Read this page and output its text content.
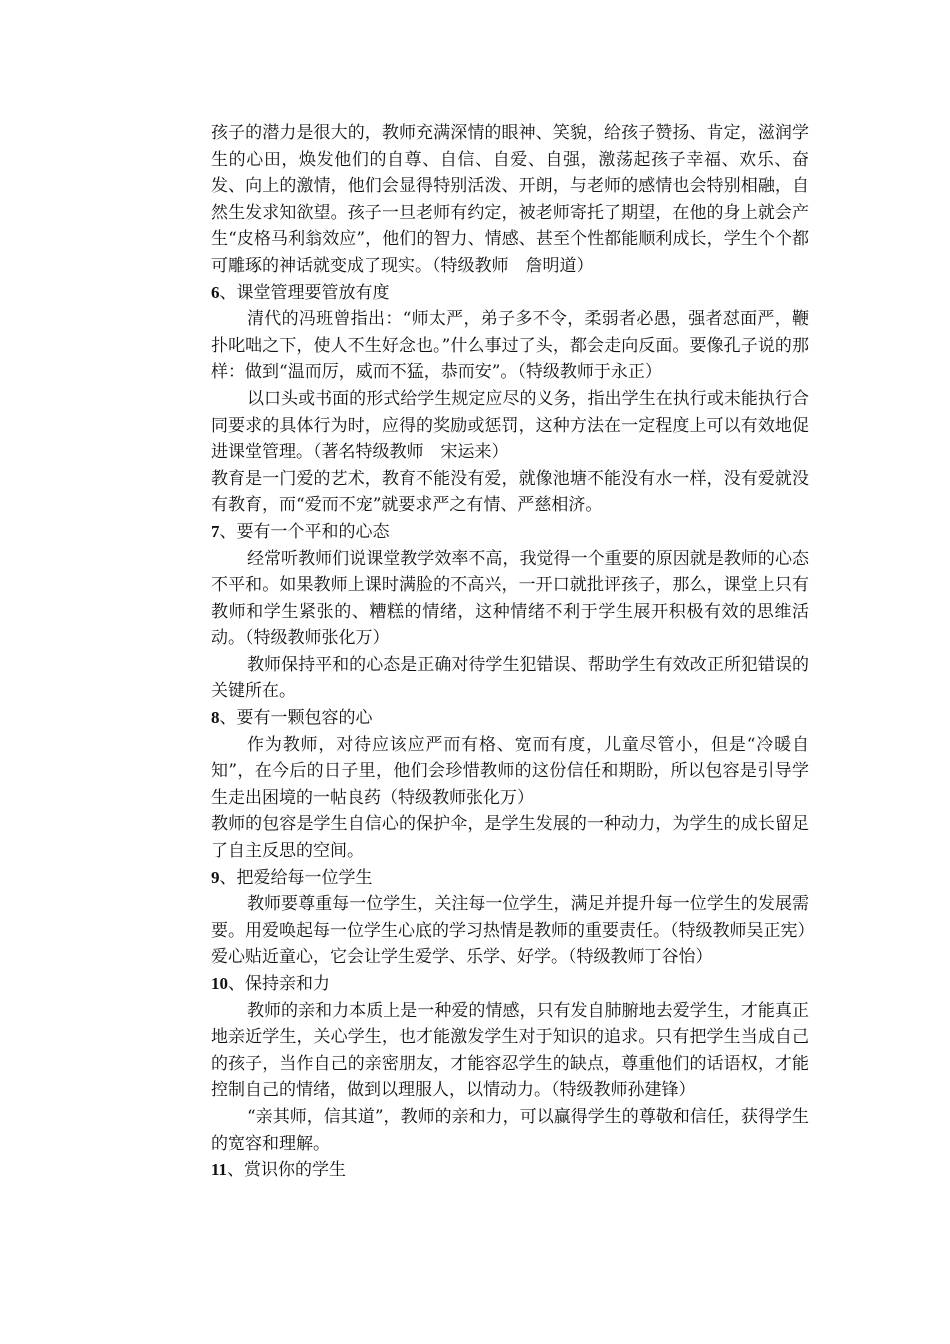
孩子的潜力是很大的，教师充满深情的眼神、笑貌，给孩子赞扬、肯定，滋润学生的心田，焕发他们的自尊、自信、自爱、自强，激荡起孩子幸福、欢乐、奋发、向上的激情，他们会显得特别活泼、开朗，与老师的感情也会特别相融，自然生发求知欲望。孩子一旦老师有约定，被老师寄托了期望，在他的身上就会产生“皮格马利翁效应”，他们的智力、情感、甚至个性都能顺利成长，学生个个都可雕琢的神话就变成了现实。（特级教师　詹明道）

6、课堂管理要管放有度

清代的冯班曾指出：“师太严，弟子多不令，柔弱者必愚，强者怼面严，鞭扑叱咄之下，使人不生好念也。”什么事过了头，都会走向反面。要像孔子说的那样：做到“温而厉，威而不猛，恭而安”。（特级教师于永正）

以口头或书面的形式给学生规定应尽的义务，指出学生在执行或未能执行合同要求的具体行为时，应得的奖励或惩罚，这种方法在一定程度上可以有效地促进课堂管理。（著名特级教师　宋运来）

教育是一门爱的艺术，教育不能没有爱，就像池塘不能没有水一样，没有爱就没有教育，而“爱而不宠”就要求严之有情、严慈相济。

7、要有一个平和的心态

经常听教师们说课堂教学效率不高，我觉得一个重要的原因就是教师的心态不平和。如果教师上课时满脸的不高兴，一开口就批评孩子，那么，课堂上只有教师和学生紧张的、糟糕的情绪，这种情绪不利于学生展开积极有效的思维活动。（特级教师张化万）

教师保持平和的心态是正确对待学生犯错误、帮助学生有效改正所犯错误的关键所在。

8、要有一颗包容的心

作为教师，对待应该应严而有格、宽而有度，儿童尽管小，但是“冷暖自知”，在今后的日子里，他们会珍惜教师的这份信任和期盼，所以包容是引导学生走出困境的一帖良药（特级教师张化万）

教师的包容是学生自信心的保护伞，是学生发展的一种动力，为学生的成长留足了自主反思的空间。

9、把爱给每一位学生

教师要尊重每一位学生，关注每一位学生，满足并提升每一位学生的发展需要。用爱唤起每一位学生心底的学习热情是教师的重要责任。（特级教师吴正宪）

爱心贴近童心，它会让学生爱学、乐学、好学。（特级教师丁谷怡）

10、保持亲和力

教师的亲和力本质上是一种爱的情感，只有发自肺腑地去爱学生，才能真正地亲近学生，关心学生，也才能激发学生对于知识的追求。只有把学生当成自己的孩子，当作自己的亲密朋友，才能容忍学生的缺点，尊重他们的话语权，才能控制自己的情绪，做到以理服人，以情动力。（特级教师孙建锋）

“亲其师，信其道”，教师的亲和力，可以赢得学生的尊敬和信任，获得学生的宽容和理解。

11、赏识你的学生
